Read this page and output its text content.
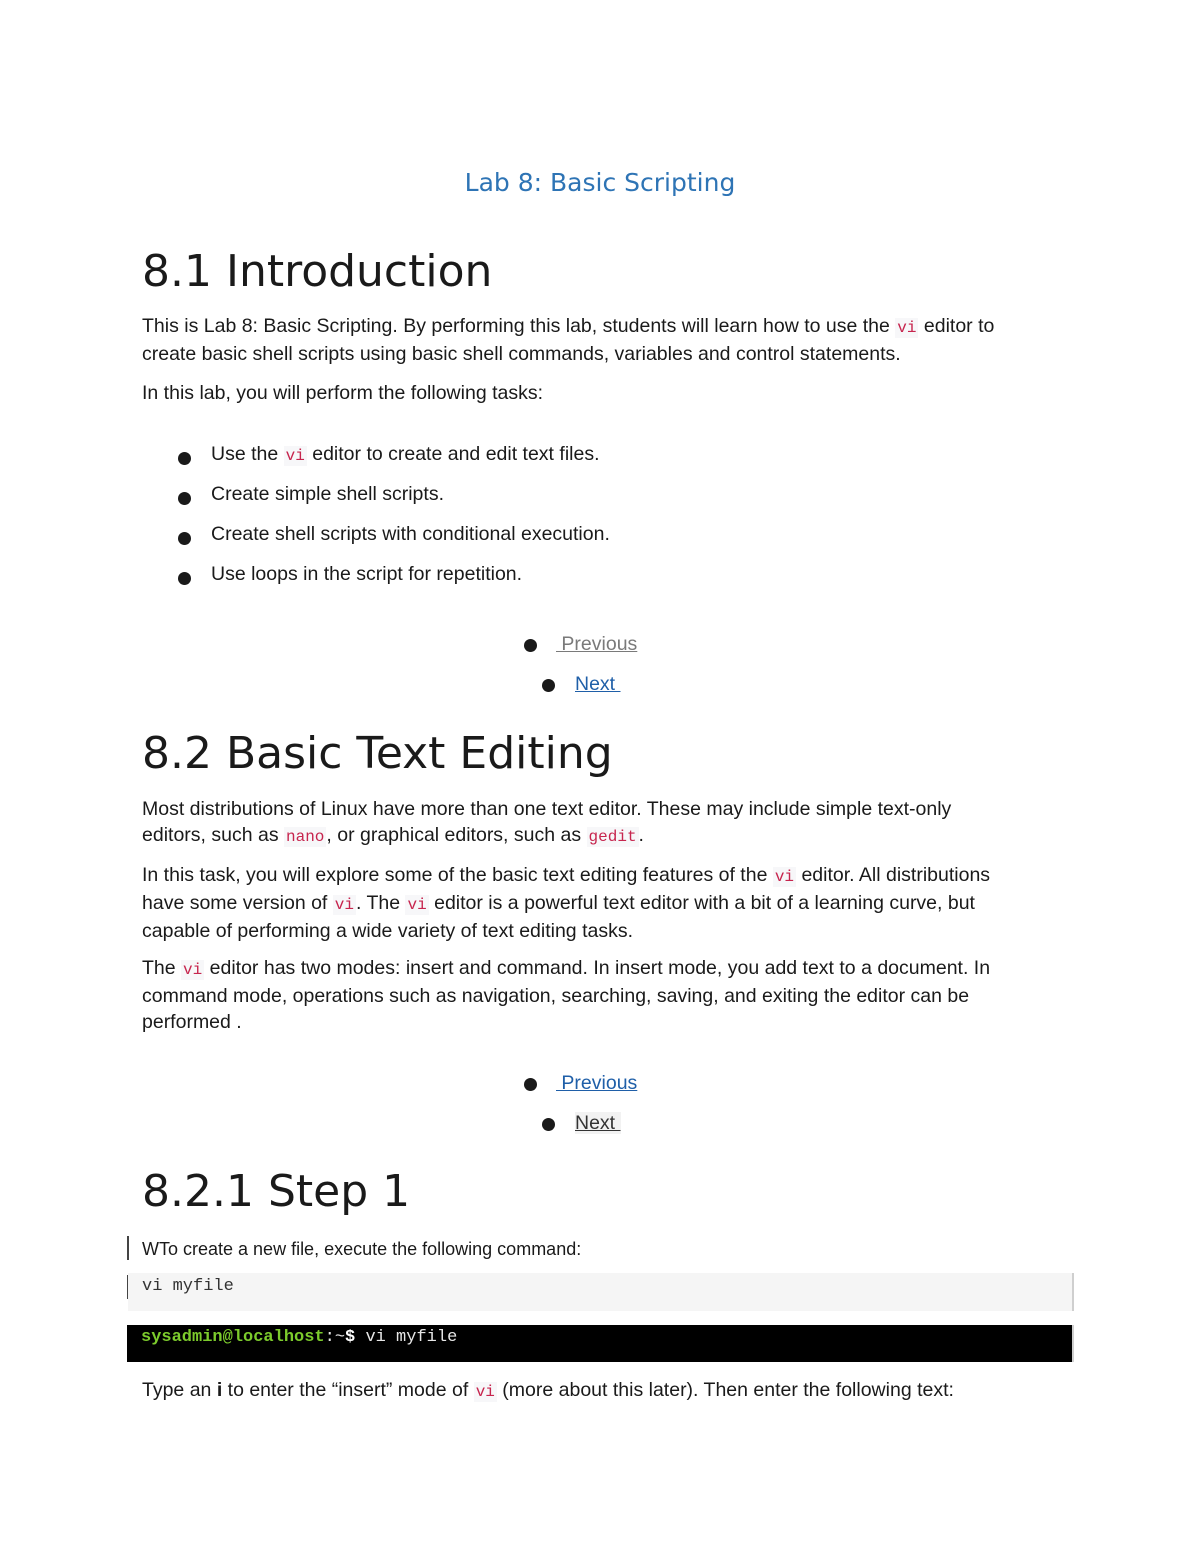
Lab 8: Basic Scripting
8.1 Introduction

This is Lab 8: Basic Scripting. By performing this lab, students will learn how to use the vi editor to
create basic shell scripts using basic shell commands, variables and control statements.

In this lab, you will perform the following tasks:

Use the vi editor to create and edit text files.
Create simple shell scripts.
Create shell scripts with conditional execution.
Use loops in the script for repetition.
Previous
Next
8.2 Basic Text Editing

Most distributions of Linux have more than one text editor. These may include simple text-only
editors, such as nano , or graphical editors, such as gedit .

In this task, you will explore some of the basic text editing features of the vi editor. All distributions
have some version of vi . The vi editor is a powerful text editor with a bit of a learning curve, but
capable of performing a wide variety of text editing tasks.

The vi editor has two modes: insert and command. In insert mode, you add text to a document. In
command mode, operations such as navigation, searching, saving, and exiting the editor can be
performed .

Previous
Next
8.2.1 Step 1

WTo create a new file, execute the following command:

vi myfile
sysadmin@localhost:~$ vi myfile

Type an i to enter the “insert” mode of vi (more about this later). Then enter the following text:
